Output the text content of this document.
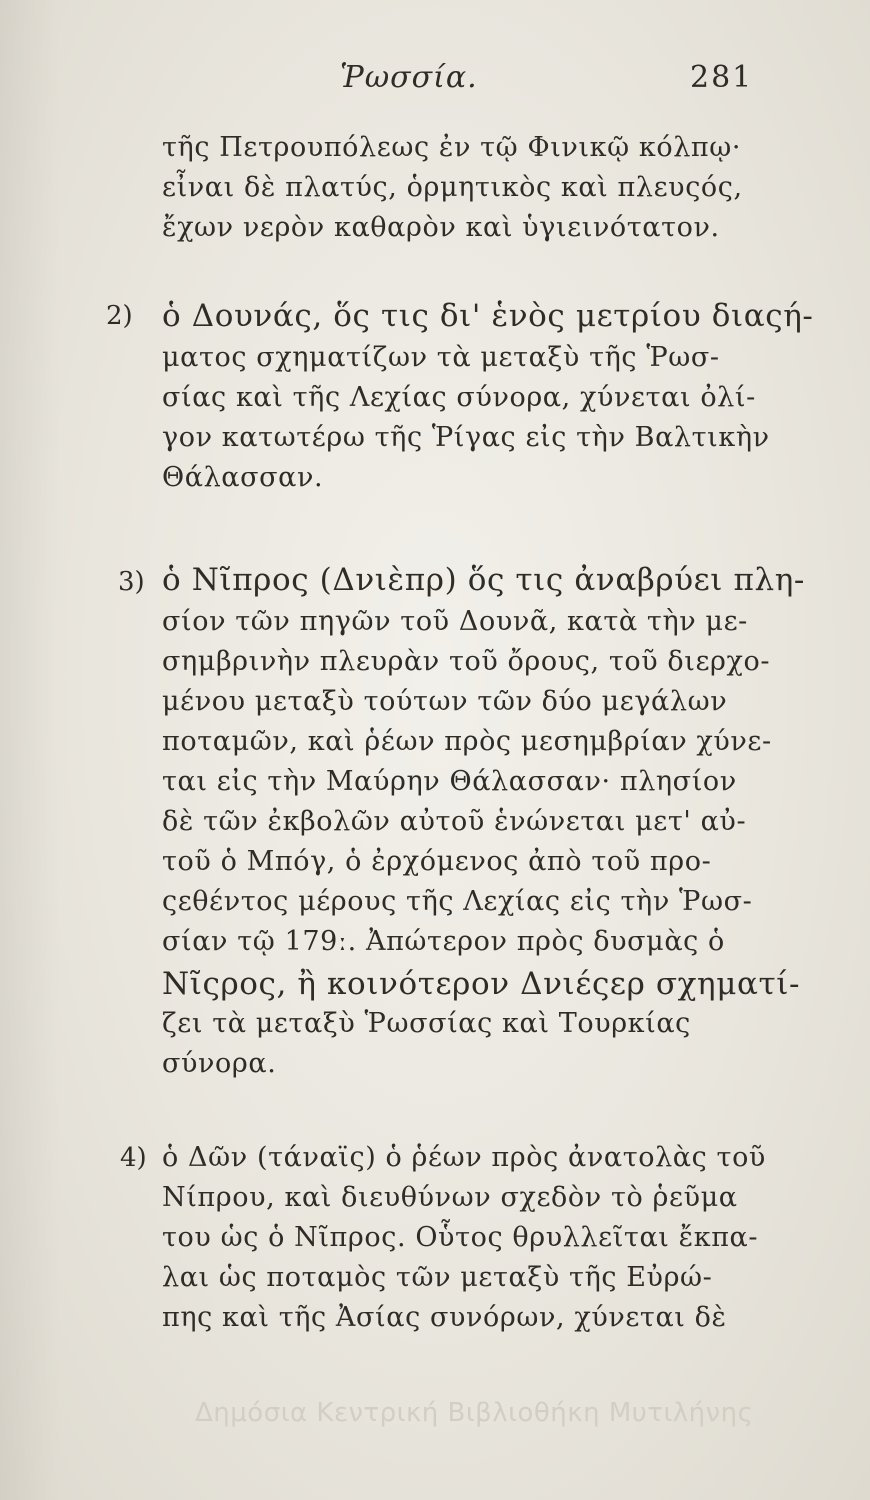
Ῥωσσία.	281
τῆς Πετρουπόλεως ἐν τῷ Φινικῷ κόλπῳ·
εἶναι δὲ πλατύς, ὁρμητικὸς καὶ πλευςός,
ἔχων νερὸν καθαρὸν καὶ ὑγιεινότατον.
2) ὁ Δουνάς, ὅς τις δι' ἑνὸς μετρίου διαςή-
ματος σχηματίζων τὰ μεταξὺ τῆς Ῥωσ-
σίας καὶ τῆς Λεχίας σύνορα, χύνεται ὀλί-
γον κατωτέρω τῆς Ῥίγας εἰς τὴν Βαλτικὴν
Θάλασσαν.
3) ὁ Νῖπρος (Δνιὲπρ) ὅς τις ἀναβρύει πλη-
σίον τῶν πηγῶν τοῦ Δουνᾶ, κατὰ τὴν με-
σημβρινὴν πλευρὰν τοῦ ὄρους, τοῦ διερχο-
μένου μεταξὺ τούτων τῶν δύο μεγάλων
ποταμῶν, καὶ ῥέων πρὸς μεσημβρίαν χύνε-
ται εἰς τὴν Μαύρην Θάλασσαν· πλησίον
δὲ τῶν ἐκβολῶν αὐτοῦ ἑνώνεται μετ' αὐ-
τοῦ ὁ Μπόγ, ὁ ἐρχόμενος ἀπὸ τοῦ προ-
ςεθέντος μέρους τῆς Λεχίας εἰς τὴν Ῥωσ-
σίαν τῷ 179ː. Ἀπώτερον πρὸς δυσμὰς ὁ
Νῖςρος, ἢ κοινότερον Δνιέςερ σχηματί-
ζει τὰ μεταξὺ Ῥωσσίας καὶ Τουρκίας
σύνορα.
4) ὁ Δῶν (τάναϊς) ὁ ῥέων πρὸς ἀνατολὰς τοῦ
Νίπρου, καὶ διευθύνων σχεδὸν τὸ ῥεῦμα
του ὡς ὁ Νῖπρος. Οὗτος θρυλλεῖται ἔκπα-
λαι ὡς ποταμὸς τῶν μεταξὺ τῆς Εὐρώ-
πης καὶ τῆς Ἀσίας συνόρων, χύνεται δὲ
Δημόσια Κεντρική Βιβλιοθήκη Μυτιλήνης
